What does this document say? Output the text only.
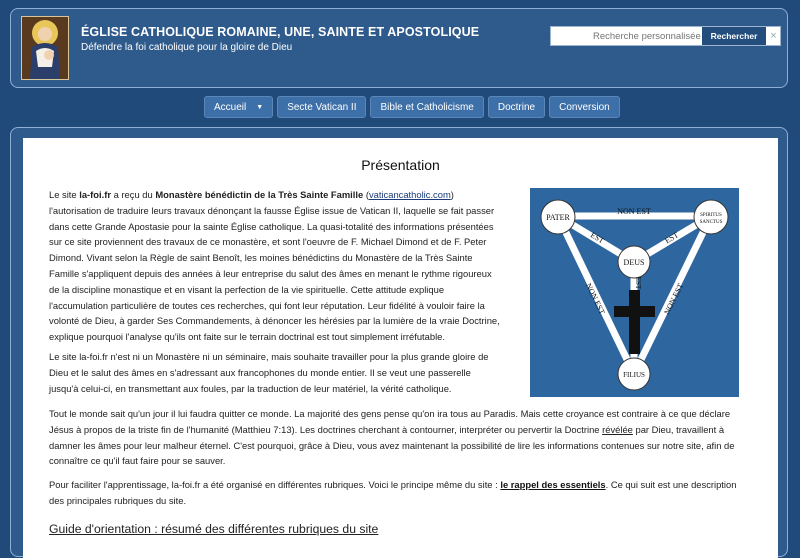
ÉGLISE CATHOLIQUE ROMAINE, UNE, SAINTE ET APOSTOLIQUE
Défendre la foi catholique pour la gloire de Dieu
Recherche personnalisée
Rechercher	×
Accueil ▼ Secte Vatican II Bible et Catholicisme Doctrine Conversion
Présentation

Le site la-foi.fr a reçu du Monastère bénédictin de la Très Sainte Famille (vaticancatholic.com) l'autorisation de traduire leurs travaux dénonçant la fausse Église issue de Vatican II, laquelle se fait passer dans cette Grande Apostasie pour la sainte Église catholique. La quasi-totalité des informations présentées sur ce site proviennent des travaux de ce monastère, et sont l'oeuvre de F. Michael Dimond et de F. Peter Dimond. Vivant selon la Règle de saint Benoît, les moines bénédictins du Monastère de la Très Sainte Famille s'appliquent depuis des années à leur entreprise du salut des âmes en menant le rythme rigoureux de la discipline monastique et en visant la perfection de la vie spirituelle. Cette attitude explique l'accumulation particulière de toutes ces recherches, qui font leur réputation. Leur fidélité à vouloir faire la volonté de Dieu, à garder Ses Commandements, à dénoncer les hérésies par la lumière de la vraie Doctrine, explique pourquoi l'analyse qu'ils ont faite sur le terrain doctrinal est tout simplement irréfutable.

Le site la-foi.fr n'est ni un Monastère ni un séminaire, mais souhaite travailler pour la plus grande gloire de Dieu et le salut des âmes en s'adressant aux francophones du monde entier. Il se veut une passerelle jusqu'à celui-ci, en transmettant aux foules, par la traduction de leur matériel, la vérité catholique.

Tout le monde sait qu'un jour il lui faudra quitter ce monde. La majorité des gens pense qu'on ira tous au Paradis. Mais cette croyance est contraire à ce que déclare Jésus à propos de la triste fin de l'humanité (Matthieu 7:13). Les doctrines cherchant à contourner, interpréter ou pervertir la Doctrine révélée par Dieu, travaillent à damner les âmes pour leur malheur éternel. C'est pourquoi, grâce à Dieu, vous avez maintenant la possibilité de lire les informations contenues sur notre site, afin de connaître ce qu'il faut faire pour se sauver.

Pour faciliter l'apprentissage, la-foi.fr a été organisé en différentes rubriques. Voici le principe même du site : le rappel des essentiels. Ce qui suit est une description des principales rubriques du site.

Guide d'orientation : résumé des différentes rubriques du site
PATER	SPIRITUS
SANCTUS
DEUS
FILIUS
NON EST
EST	EST
EST
NON EST	NON EST
